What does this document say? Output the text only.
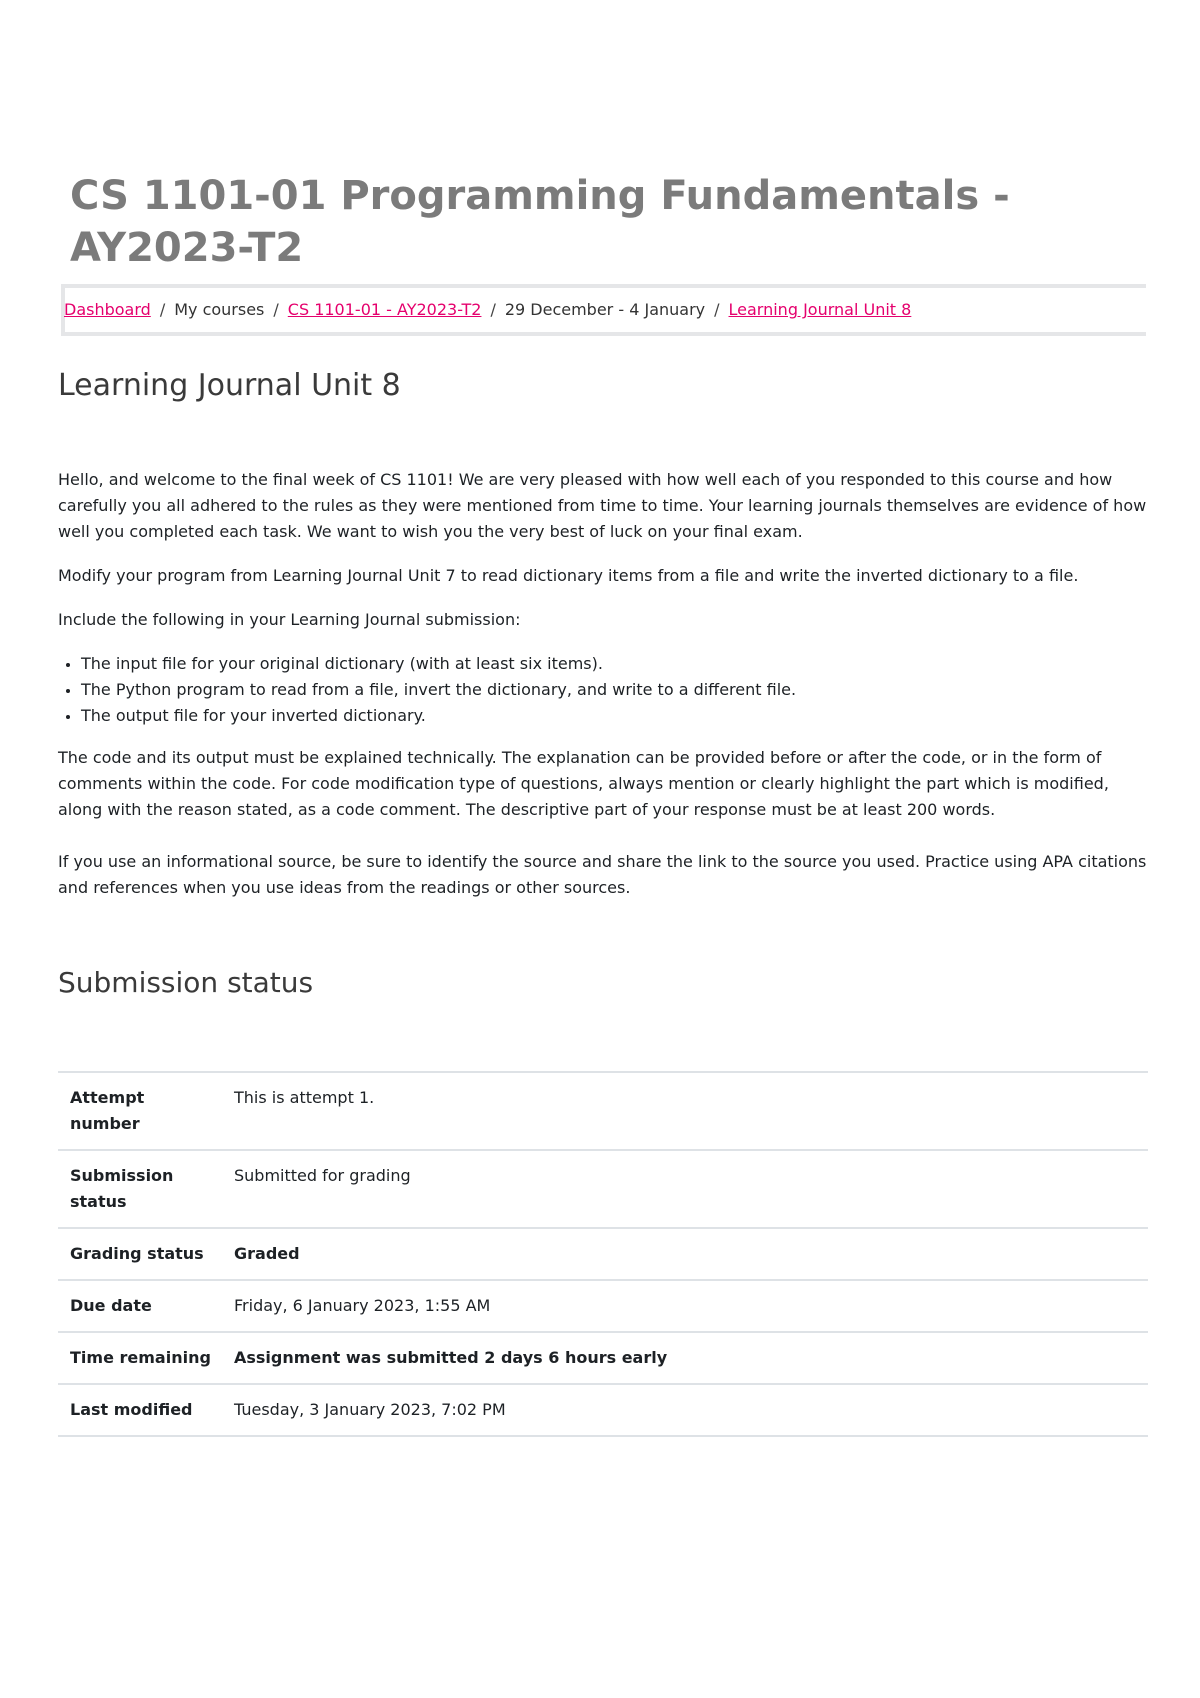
CS 1101-01 Programming Fundamentals - AY2023-T2
Dashboard / My courses / CS 1101-01 - AY2023-T2 / 29 December - 4 January / Learning Journal Unit 8
Learning Journal Unit 8

Hello, and welcome to the final week of CS 1101! We are very pleased with how well each of you responded to this course and how carefully you all adhered to the rules as they were mentioned from time to time. Your learning journals themselves are evidence of how well you completed each task. We want to wish you the very best of luck on your final exam.

Modify your program from Learning Journal Unit 7 to read dictionary items from a file and write the inverted dictionary to a file.

Include the following in your Learning Journal submission:

• The input file for your original dictionary (with at least six items).
• The Python program to read from a file, invert the dictionary, and write to a different file.
• The output file for your inverted dictionary.

The code and its output must be explained technically. The explanation can be provided before or after the code, or in the form of comments within the code. For code modification type of questions, always mention or clearly highlight the part which is modified, along with the reason stated, as a code comment. The descriptive part of your response must be at least 200 words.

If you use an informational source, be sure to identify the source and share the link to the source you used. Practice using APA citations and references when you use ideas from the readings or other sources.

Submission status
Attempt number	This is attempt 1.
Submission status	Submitted for grading
Grading status	Graded
Due date	Friday, 6 January 2023, 1:55 AM
Time remaining	Assignment was submitted 2 days 6 hours early
Last modified	Tuesday, 3 January 2023, 7:02 PM
